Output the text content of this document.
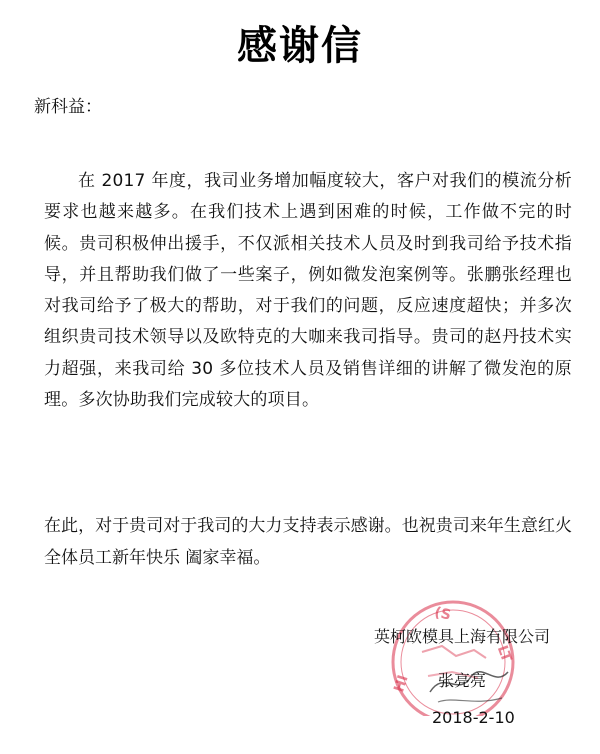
感谢信
新科益：
在 2017 年度，我司业务增加幅度较大，客户对我们的模流分析要求也越来越多。在我们技术上遇到困难的时候，工作做不完的时候。贵司积极伸出援手，不仅派相关技术人员及时到我司给予技术指导，并且帮助我们做了一些案子，例如微发泡案例等。张鹏张经理也对我司给予了极大的帮助，对于我们的问题，反应速度超快；并多次组织贵司技术领导以及欧特克的大咖来我司指导。贵司的赵丹技术实力超强，来我司给 30 多位技术人员及销售详细的讲解了微发泡的原理。多次协助我们完成较大的项目。
在此，对于贵司对于我司的大力支持表示感谢。也祝贵司来年生意红火 全体员工新年快乐 阖家幸福。
(S
LT
HI
英柯欧模具上海有限公司
张亮亮
2018-2-10
